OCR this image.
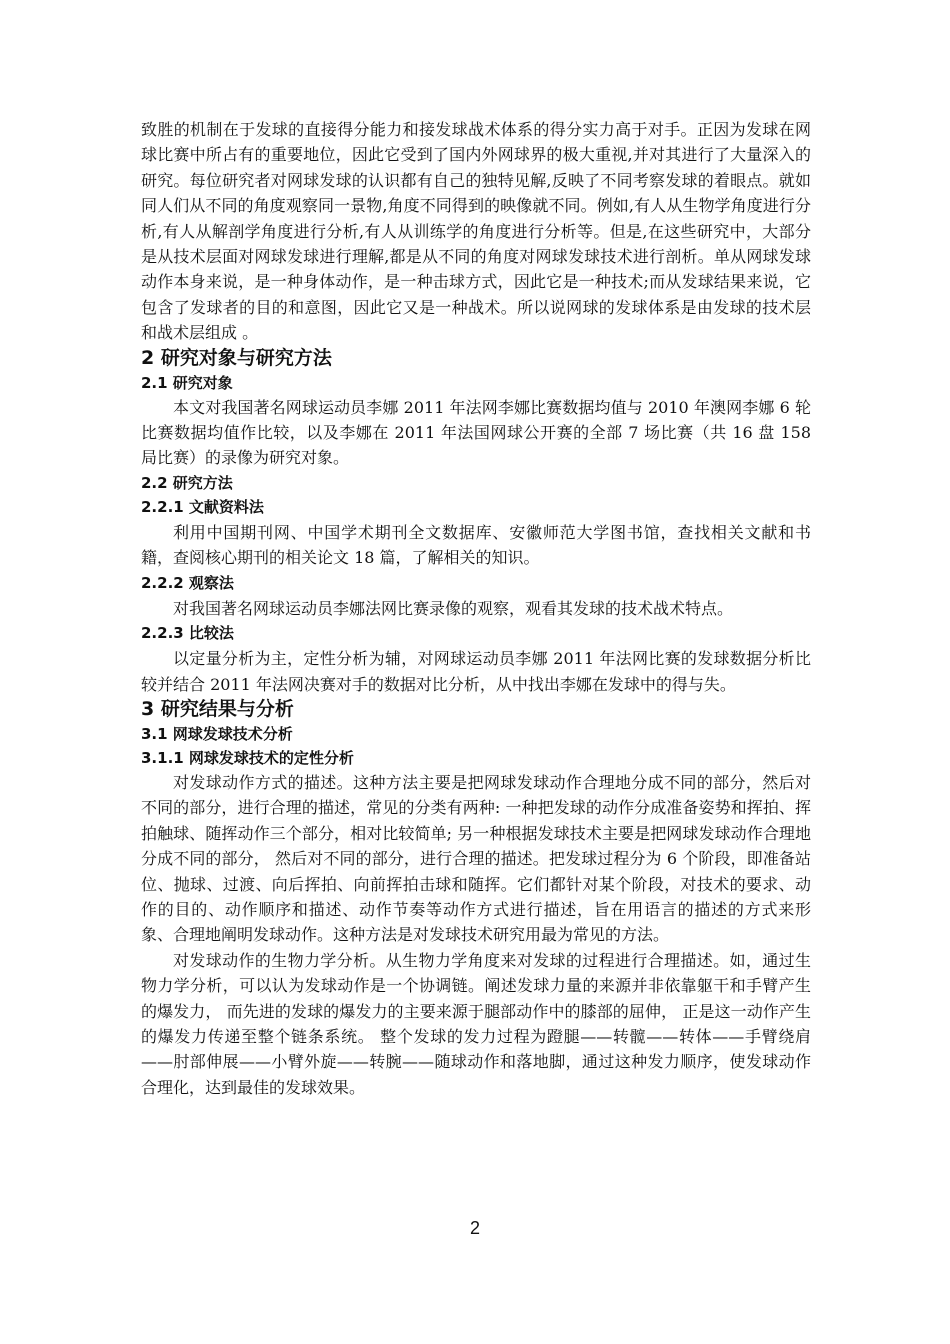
致胜的机制在于发球的直接得分能力和接发球战术体系的得分实力高于对手。正因为发球在网球比赛中所占有的重要地位，因此它受到了国内外网球界的极大重视,并对其进行了大量深入的研究。每位研究者对网球发球的认识都有自己的独特见解,反映了不同考察发球的着眼点。就如同人们从不同的角度观察同一景物,角度不同得到的映像就不同。例如,有人从生物学角度进行分析,有人从解剖学角度进行分析,有人从训练学的角度进行分析等。但是,在这些研究中，大部分是从技术层面对网球发球进行理解,都是从不同的角度对网球发球技术进行剖析。单从网球发球动作本身来说，是一种身体动作，是一种击球方式，因此它是一种技术;而从发球结果来说，它包含了发球者的目的和意图，因此它又是一种战术。所以说网球的发球体系是由发球的技术层和战术层组成 。

2 研究对象与研究方法
2.1 研究对象

本文对我国著名网球运动员李娜 2011 年法网李娜比赛数据均值与 2010 年澳网李娜 6 轮比赛数据均值作比较，以及李娜在 2011 年法国网球公开赛的全部 7 场比赛（共 16 盘 158 局比赛）的录像为研究对象。

2.2 研究方法
2.2.1 文献资料法

利用中国期刊网、中国学术期刊全文数据库、安徽师范大学图书馆，查找相关文献和书籍，查阅核心期刊的相关论文 18 篇，了解相关的知识。

2.2.2 观察法

对我国著名网球运动员李娜法网比赛录像的观察，观看其发球的技术战术特点。

2.2.3 比较法

以定量分析为主，定性分析为辅，对网球运动员李娜 2011 年法网比赛的发球数据分析比较并结合 2011 年法网决赛对手的数据对比分析，从中找出李娜在发球中的得与失。

3 研究结果与分析
3.1 网球发球技术分析
3.1.1 网球发球技术的定性分析

对发球动作方式的描述。这种方法主要是把网球发球动作合理地分成不同的部分，然后对不同的部分，进行合理的描述，常见的分类有两种: 一种把发球的动作分成准备姿势和挥拍、挥拍触球、随挥动作三个部分，相对比较简单; 另一种根据发球技术主要是把网球发球动作合理地分成不同的部分， 然后对不同的部分，进行合理的描述。把发球过程分为 6 个阶段，即准备站位、抛球、过渡、向后挥拍、向前挥拍击球和随挥。它们都针对某个阶段，对技术的要求、动作的目的、动作顺序和描述、动作节奏等动作方式进行描述，旨在用语言的描述的方式来形象、合理地阐明发球动作。这种方法是对发球技术研究用最为常见的方法。

对发球动作的生物力学分析。从生物力学角度来对发球的过程进行合理描述。如，通过生物力学分析，可以认为发球动作是一个协调链。阐述发球力量的来源并非依靠躯干和手臂产生的爆发力， 而先进的发球的爆发力的主要来源于腿部动作中的膝部的屈伸， 正是这一动作产生的爆发力传递至整个链条系统。 整个发球的发力过程为蹬腿——转髋——转体——手臂绕肩——肘部伸展——小臂外旋——转腕——随球动作和落地脚，通过这种发力顺序，使发球动作合理化，达到最佳的发球效果。

2
